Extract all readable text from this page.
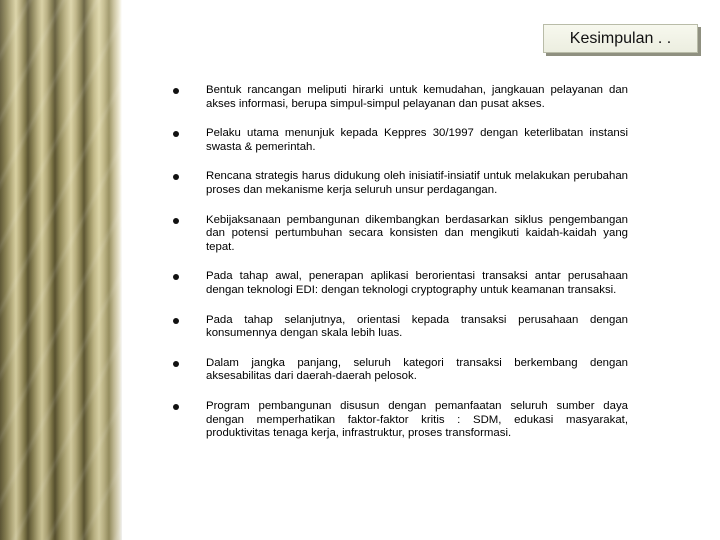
Kesimpulan . .
Bentuk rancangan meliputi hirarki untuk kemudahan, jangkauan pelayanan dan akses informasi, berupa simpul-simpul pelayanan dan pusat akses.
Pelaku utama menunjuk kepada Keppres 30/1997 dengan keterlibatan instansi swasta & pemerintah.
Rencana strategis harus didukung oleh inisiatif-insiatif untuk melakukan perubahan proses dan mekanisme kerja seluruh unsur perdagangan.
Kebijaksanaan pembangunan dikembangkan berdasarkan siklus pengembangan dan potensi pertumbuhan secara konsisten dan mengikuti kaidah-kaidah yang tepat.
Pada tahap awal, penerapan aplikasi berorientasi transaksi antar perusahaan dengan teknologi EDI: dengan teknologi cryptography untuk keamanan transaksi.
Pada tahap selanjutnya, orientasi kepada transaksi perusahaan dengan konsumennya dengan skala lebih luas.
Dalam jangka panjang, seluruh kategori transaksi berkembang dengan aksesabilitas dari daerah-daerah pelosok.
Program pembangunan disusun dengan pemanfaatan seluruh sumber daya dengan memperhatikan faktor-faktor kritis : SDM, edukasi masyarakat, produktivitas tenaga kerja, infrastruktur, proses transformasi.
